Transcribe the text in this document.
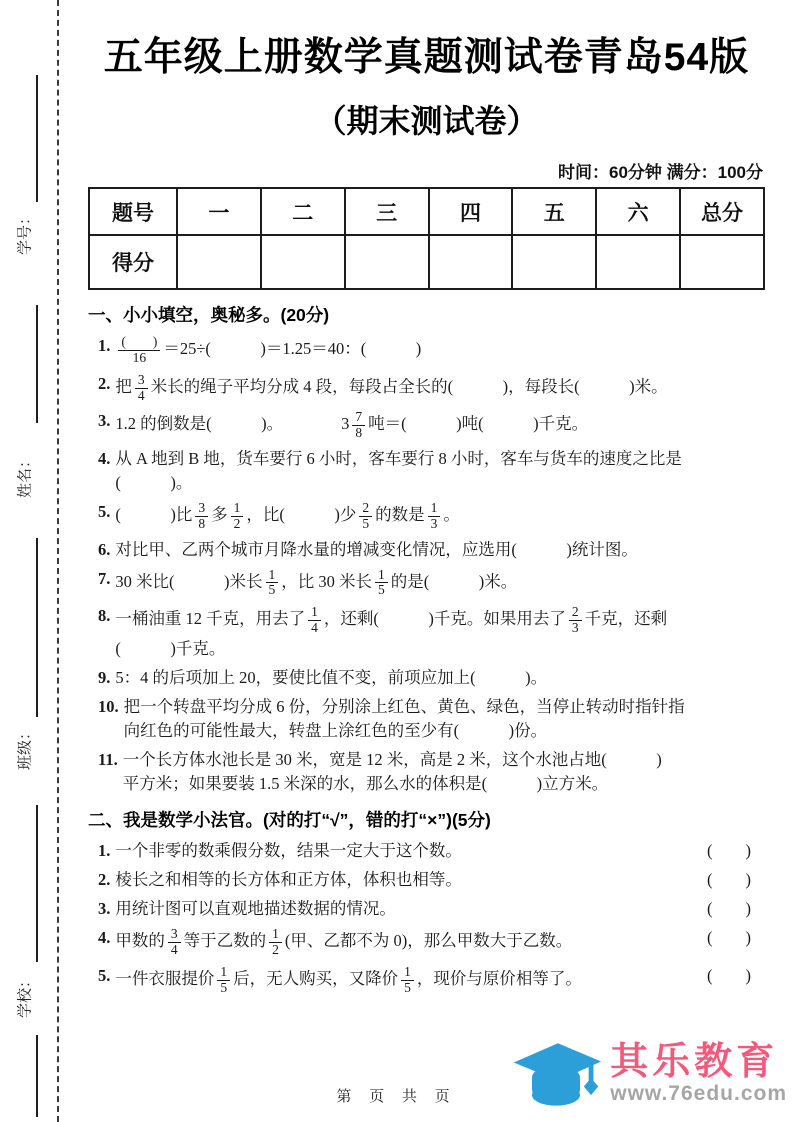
学号：
姓名：
班级：
学校：
五年级上册数学真题测试卷青岛54版
（期末测试卷）
时间：60分钟 满分：100分
题号	一	二	三	四	五	六	总分
得分							
一、小小填空，奥秘多。(20分)
1. $\frac{( )}{16} =25\div$(　　　)＝1.25＝40：(　　　)
2. 把 $\frac{3}{4}$ 米长的绳子平均分成 4 段，每段占全长的(　　　)，每段长(　　　)米。
3. 1.2 的倒数是(　　　)。	$3 \frac{7}{8}$ 吨＝(　　　)吨(　　　)千克。
4. 从 A 地到 B 地，货车要行 6 小时，客车要行 8 小时，客车与货车的速度之比是
(　　　)。
5. (　　　)比 $\frac{3}{8}$ 多 $\frac{1}{2}$ ，比(　　　)少 $\frac{2}{5}$ 的数是 $\frac{1}{3}$ 。
6. 对比甲、乙两个城市月降水量的增减变化情况，应选用(　　　)统计图。
7. 30 米比(　　　)米长 $\frac{1}{5}$ ，比 30 米长 $\frac{1}{5}$ 的是(　　　)米。
8. 一桶油重 12 千克，用去了 $\frac{1}{4}$ ，还剩(　　　)千克。如果用去了 $\frac{2}{3}$ 千克，还剩
(　　　)千克。
9. 5：4 的后项加上 20，要使比值不变，前项应加上(　　　)。
10. 把一个转盘平均分成 6 份，分别涂上红色、黄色、绿色，当停止转动时指针指
向红色的可能性最大，转盘上涂红色的至少有(　　　)份。
11. 一个长方体水池长是 30 米，宽是 12 米，高是 2 米，这个水池占地(　　　)
平方米；如果要装 1.5 米深的水，那么水的体积是(　　　)立方米。
二、我是数学小法官。(对的打“√”，错的打“×”)(5分)
1. 一个非零的数乘假分数，结果一定大于这个数。	(　　)
2. 棱长之和相等的长方体和正方体，体积也相等。	(　　)
3. 用统计图可以直观地描述数据的情况。	(　　)
4. 甲数的 $\frac{3}{4}$ 等于乙数的 $\frac{1}{2}$ (甲、乙都不为 0)，那么甲数大于乙数。	(　　)
5. 一件衣服提价 $\frac{1}{5}$ 后，无人购买，又降价 $\frac{1}{5}$ ，现价与原价相等了。	(　　)
第 页 共 页
其乐教育
www.76edu.com
